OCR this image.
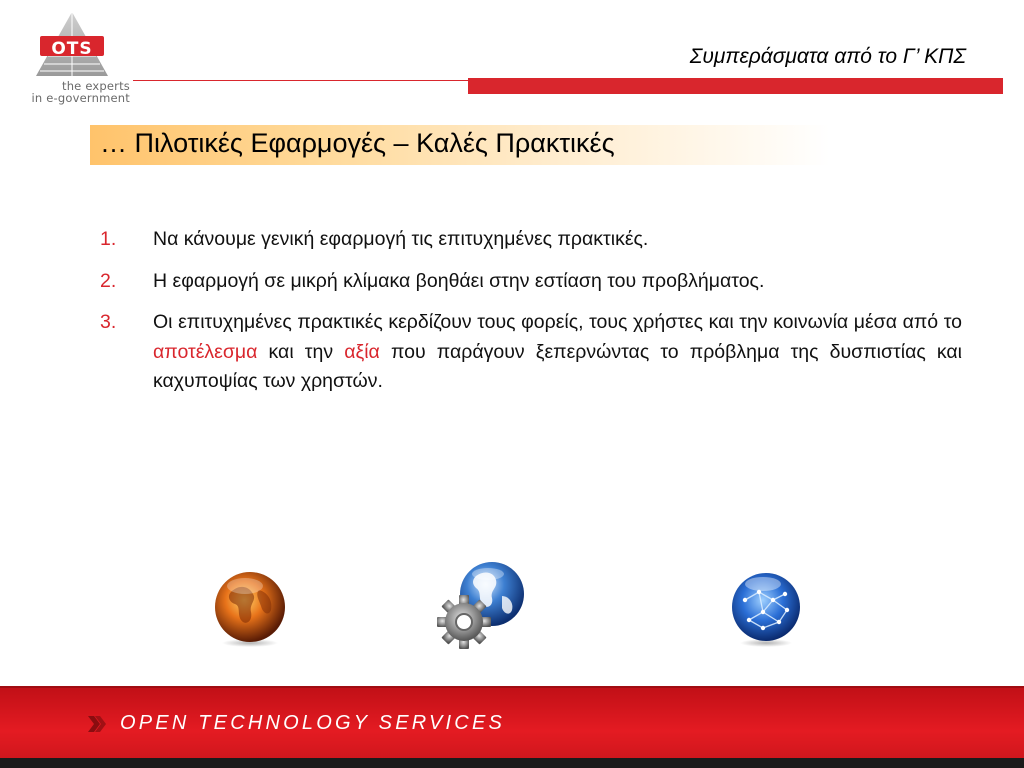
OTS
the experts
in e-government
Συμπεράσματα από το Γ’ ΚΠΣ
… Πιλοτικές Εφαρμογές – Καλές Πρακτικές
1. Να κάνουμε γενική εφαρμογή τις επιτυχημένες πρακτικές.
2. Η εφαρμογή σε μικρή κλίμακα βοηθάει στην εστίαση του προβλήματος.
3. Οι επιτυχημένες πρακτικές κερδίζουν τους φορείς, τους χρήστες και την κοινωνία μέσα από το αποτέλεσμα και την αξία που παράγουν ξεπερνώντας το πρόβλημα της δυσπιστίας και καχυποψίας των χρηστών.
OPEN TECHNOLOGY SERVICES
